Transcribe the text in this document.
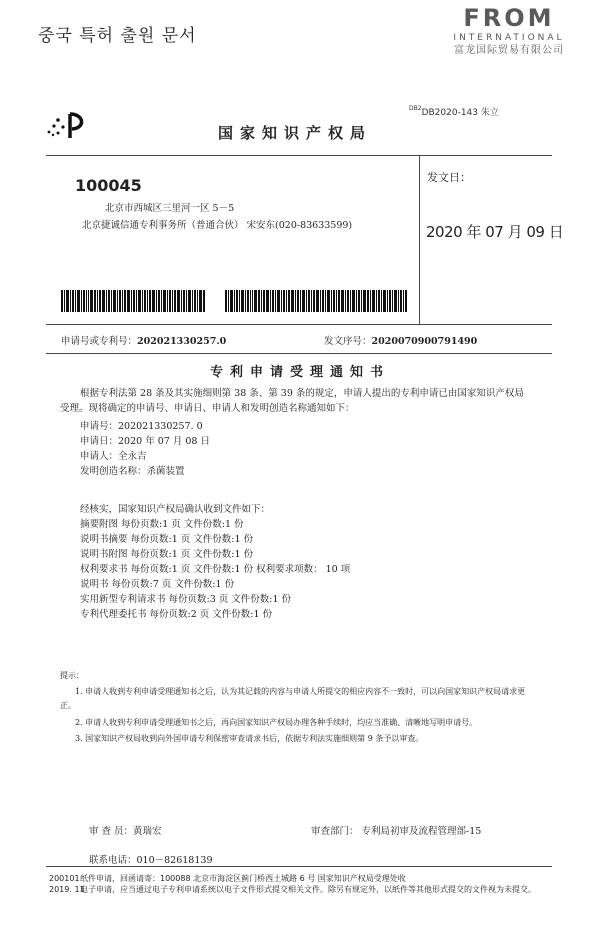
중국 특허 출원 문서
FROM
INTERNATIONAL
富龙国际贸易有限公司
$^{DB2}$DB2020-143 朱立
国家知识产权局
100045
北京市西城区三里河一区 5－5
北京捷诚信通专利事务所（普通合伙） 宋安东(020-83633599)
发文日：
2020 年 07 月 09 日
申请号或专利号：202021330257.0	发文序号：2020070900791490
专利申请受理通知书
根据专利法第 28 条及其实施细则第 38 条、第 39 条的规定，申请人提出的专利申请已由国家知识产权局受理。现将确定的申请号、申请日、申请人和发明创造名称通知如下：
申请号：202021330257. 0
申请日：2020 年 07 月 08 日
申请人：全永吉
发明创造名称：杀菌装置
经核实，国家知识产权局确认收到文件如下：
摘要附图 每份页数:1 页 文件份数:1 份
说明书摘要 每份页数:1 页 文件份数:1 份
说明书附图 每份页数:1 页 文件份数:1 份
权利要求书 每份页数:1 页 文件份数:1 份 权利要求项数： 10 项
说明书 每份页数:7 页 文件份数:1 份
实用新型专利请求书 每份页数:3 页 文件份数:1 份
专利代理委托书 每份页数:2 页 文件份数:1 份
提示：
1. 申请人收到专利申请受理通知书之后，认为其记载的内容与申请人所提交的相应内容不一致时，可以向国家知识产权局请求更正。
2. 申请人收到专利申请受理通知书之后，再向国家知识产权局办理各种手续时，均应当准确、清晰地写明申请号。
3. 国家知识产权局收到向外国申请专利保密审查请求书后，依据专利法实施细则第 9 条予以审查。
审 查 员：黄瑞宏	审查部门： 专利局初审及流程管理部-15
联系电话：010－82618139
200101
2019. 11
纸件申请，回函请寄：100088 北京市海淀区蓟门桥西土城路 6 号 国家知识产权局受理处收
电子申请，应当通过电子专利申请系统以电子文件形式提交相关文件。除另有规定外，以纸件等其他形式提交的文件视为未提交。
